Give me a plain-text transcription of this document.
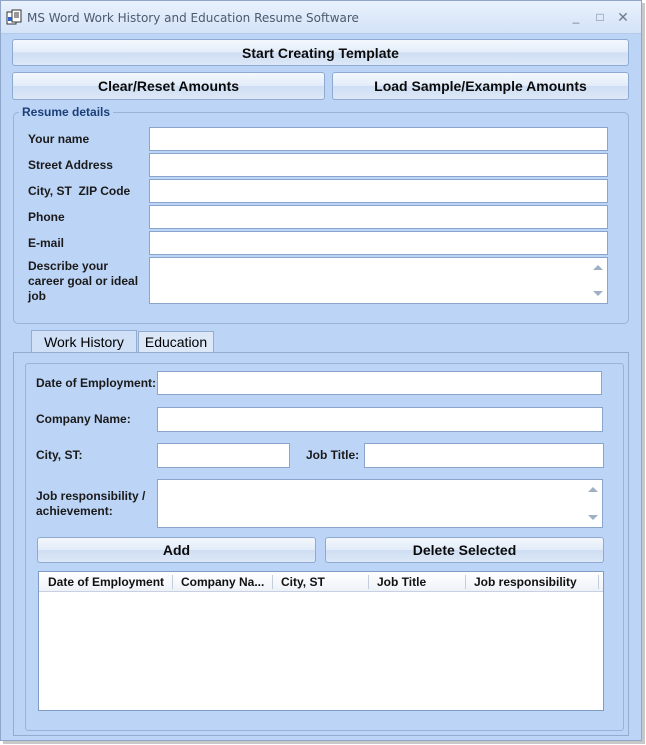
MS Word Work History and Education Resume Software	_	□ ✕
Start Creating Template
Clear/Reset Amounts	Load Sample/Example Amounts
Resume details
Your name
Street Address
City, ST  ZIP Code
Phone
E-mail
Describe your
career goal or ideal
job
Work History	Education
Date of Employment:
Company Name:
City, ST:	Job Title:
Job responsibility /
achievement:
Add	Delete Selected
Date of Employment	Company Na...	City, ST	Job Title	Job responsibility
